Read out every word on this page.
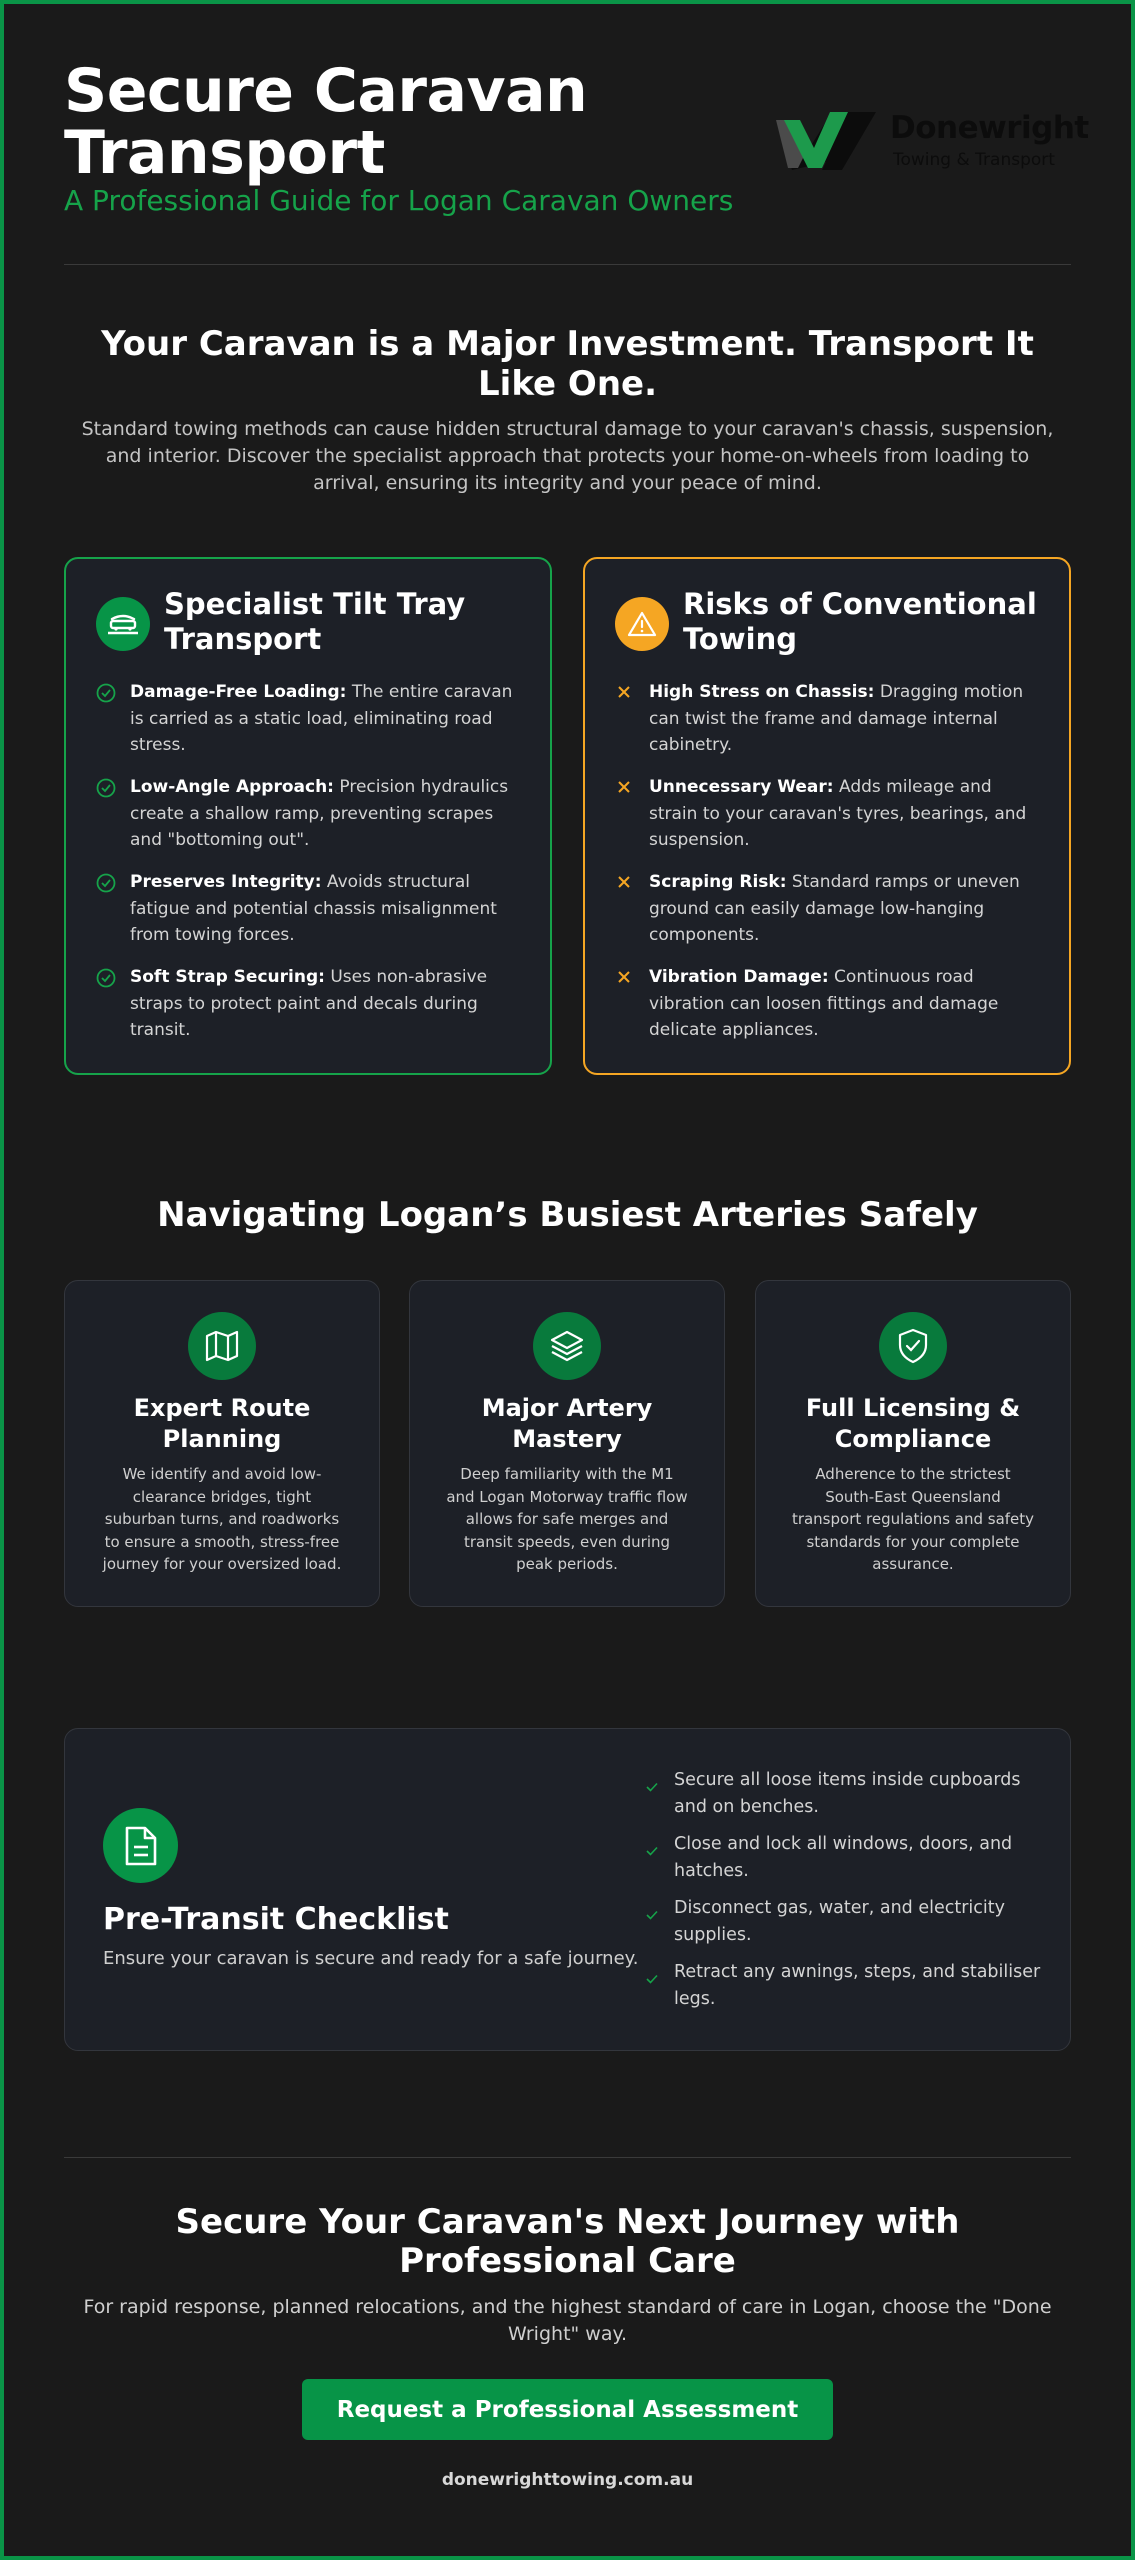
Secure Caravan Transport
A Professional Guide for Logan Caravan Owners
Donewright
Towing & Transport
Your Caravan is a Major Investment. Transport It Like One.
Standard towing methods can cause hidden structural damage to your caravan's chassis, suspension, and interior. Discover the specialist approach that protects your home-on-wheels from loading to arrival, ensuring its integrity and your peace of mind.
Specialist Tilt Tray Transport
Damage-Free Loading: The entire caravan is carried as a static load, eliminating road stress.
Low-Angle Approach: Precision hydraulics create a shallow ramp, preventing scrapes and "bottoming out".
Preserves Integrity: Avoids structural fatigue and potential chassis misalignment from towing forces.
Soft Strap Securing: Uses non-abrasive straps to protect paint and decals during transit.
Risks of Conventional Towing
High Stress on Chassis: Dragging motion can twist the frame and damage internal cabinetry.
Unnecessary Wear: Adds mileage and strain to your caravan's tyres, bearings, and suspension.
Scraping Risk: Standard ramps or uneven ground can easily damage low-hanging components.
Vibration Damage: Continuous road vibration can loosen fittings and damage delicate appliances.
Navigating Logan’s Busiest Arteries Safely
Expert Route Planning
We identify and avoid low-clearance bridges, tight suburban turns, and roadworks to ensure a smooth, stress-free journey for your oversized load.
Major Artery Mastery
Deep familiarity with the M1 and Logan Motorway traffic flow allows for safe merges and transit speeds, even during peak periods.
Full Licensing & Compliance
Adherence to the strictest South-East Queensland transport regulations and safety standards for your complete assurance.
Pre-Transit Checklist
Ensure your caravan is secure and ready for a safe journey.
Secure all loose items inside cupboards and on benches.
Close and lock all windows, doors, and hatches.
Disconnect gas, water, and electricity supplies.
Retract any awnings, steps, and stabiliser legs.
Secure Your Caravan's Next Journey with Professional Care
For rapid response, planned relocations, and the highest standard of care in Logan, choose the "Done Wright" way.
Request a Professional Assessment
donewrighttowing.com.au
